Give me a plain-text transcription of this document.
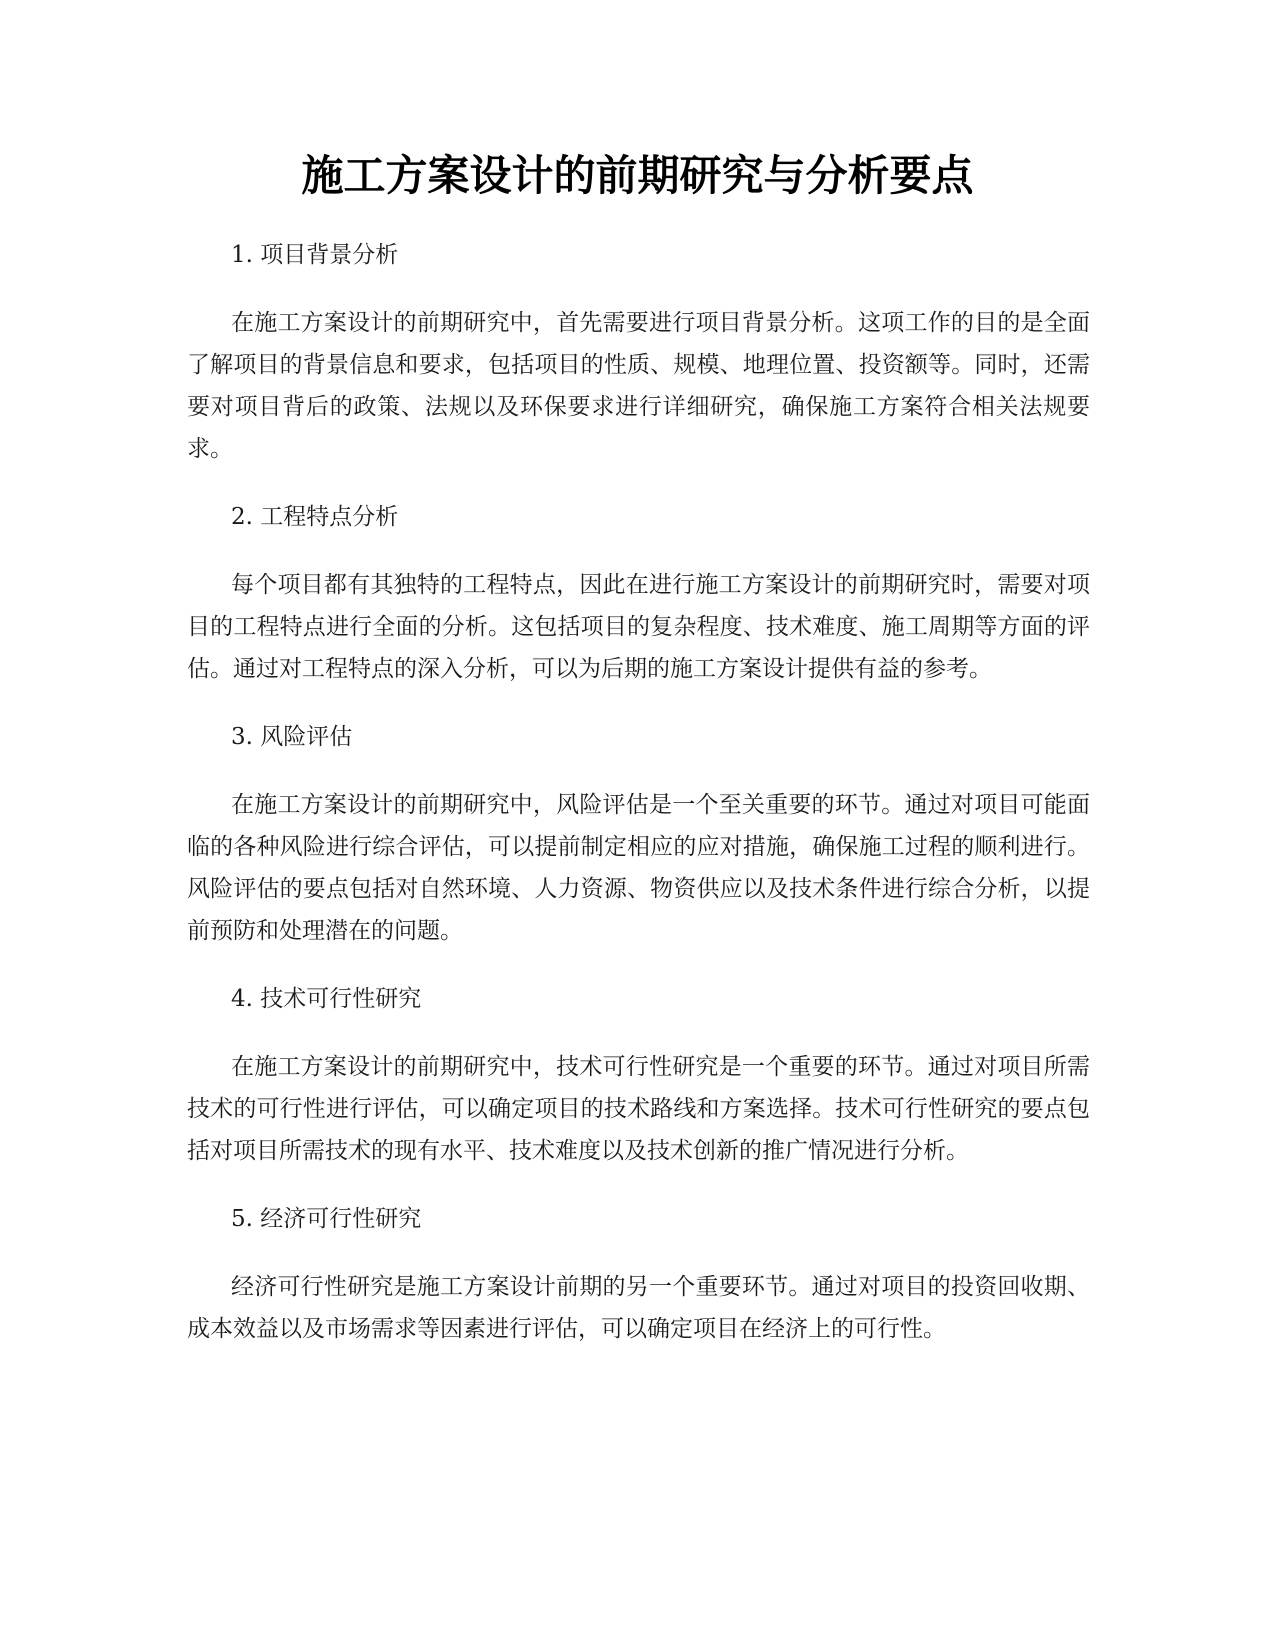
施工方案设计的前期研究与分析要点

1. 项目背景分析

在施工方案设计的前期研究中，首先需要进行项目背景分析。这项工作的目的是全面了解项目的背景信息和要求，包括项目的性质、规模、地理位置、投资额等。同时，还需要对项目背后的政策、法规以及环保要求进行详细研究，确保施工方案符合相关法规要求。

2. 工程特点分析

每个项目都有其独特的工程特点，因此在进行施工方案设计的前期研究时，需要对项目的工程特点进行全面的分析。这包括项目的复杂程度、技术难度、施工周期等方面的评估。通过对工程特点的深入分析，可以为后期的施工方案设计提供有益的参考。

3. 风险评估

在施工方案设计的前期研究中，风险评估是一个至关重要的环节。通过对项目可能面临的各种风险进行综合评估，可以提前制定相应的应对措施，确保施工过程的顺利进行。风险评估的要点包括对自然环境、人力资源、物资供应以及技术条件进行综合分析，以提前预防和处理潜在的问题。

4. 技术可行性研究

在施工方案设计的前期研究中，技术可行性研究是一个重要的环节。通过对项目所需技术的可行性进行评估，可以确定项目的技术路线和方案选择。技术可行性研究的要点包括对项目所需技术的现有水平、技术难度以及技术创新的推广情况进行分析。

5. 经济可行性研究

经济可行性研究是施工方案设计前期的另一个重要环节。通过对项目的投资回收期、成本效益以及市场需求等因素进行评估，可以确定项目在经济上的可行性。
